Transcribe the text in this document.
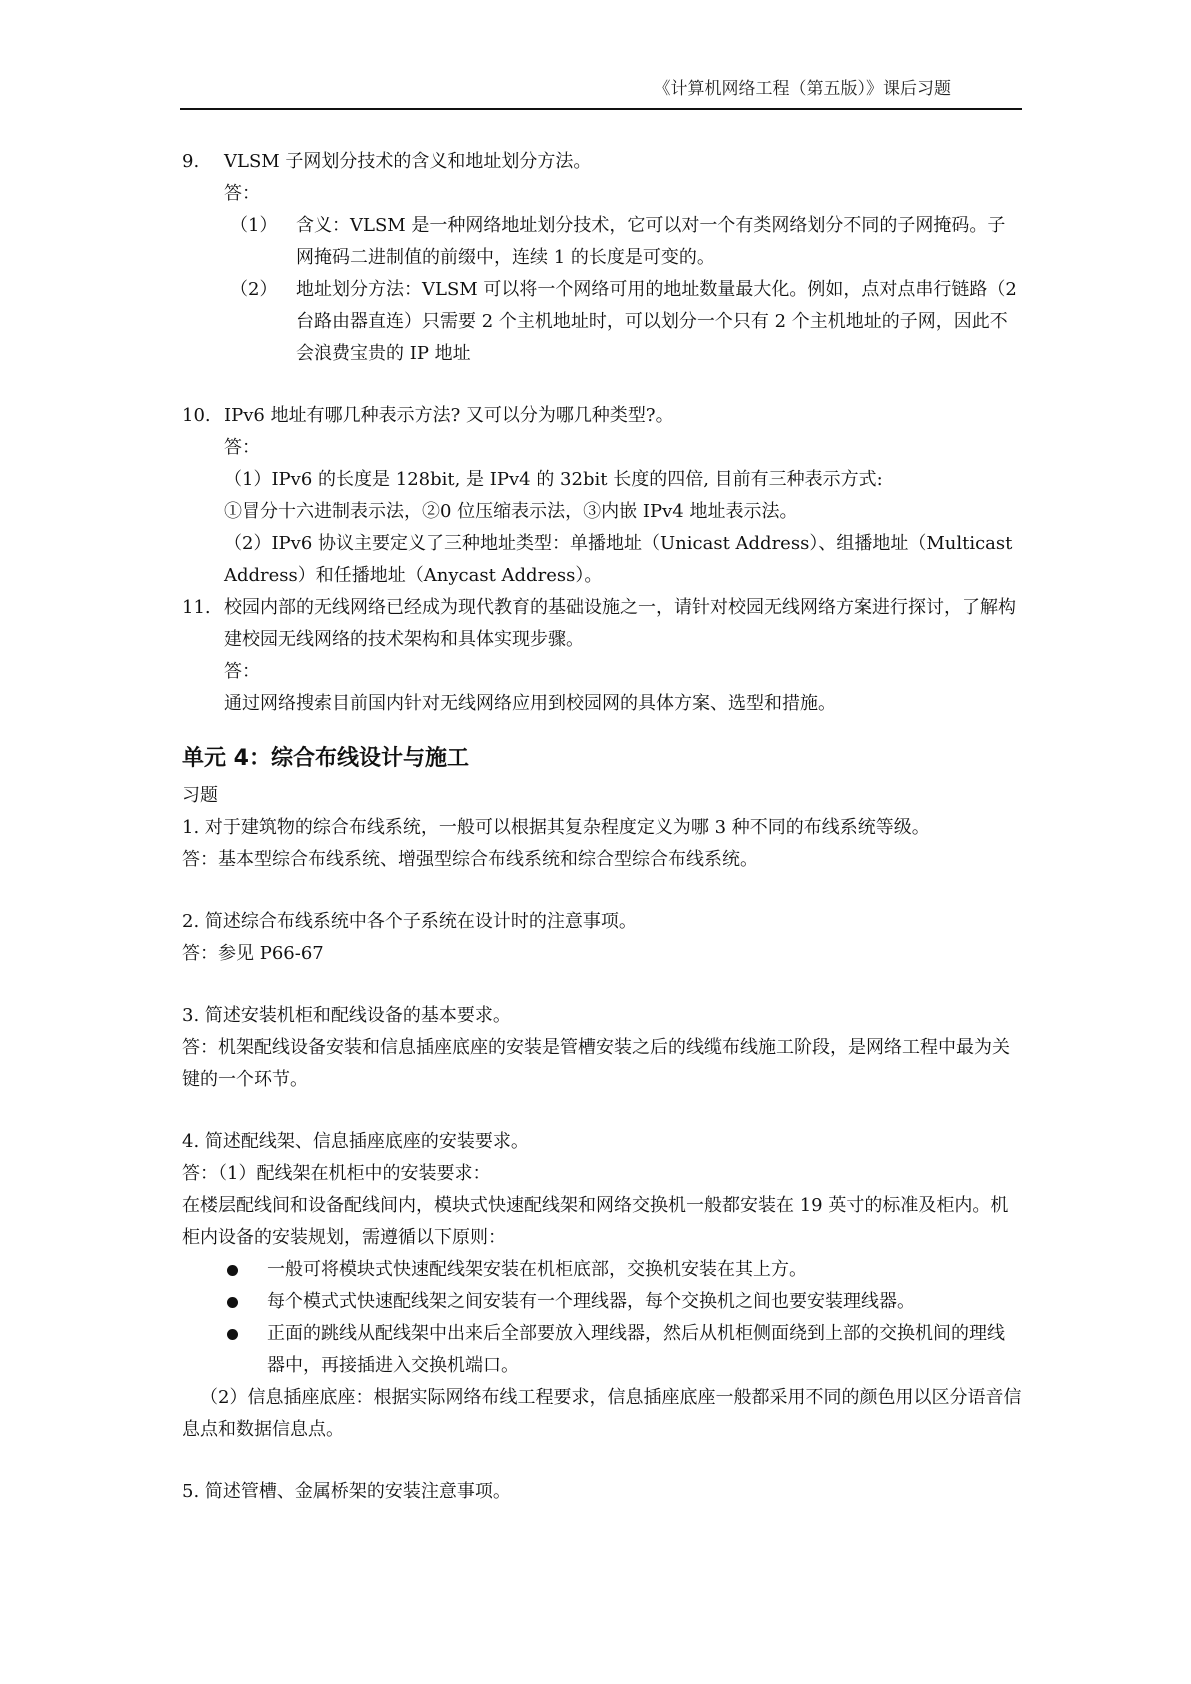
《计算机网络工程（第五版）》课后习题
9. VLSM 子网划分技术的含义和地址划分方法。
答：
（1） 含义：VLSM 是一种网络地址划分技术，它可以对一个有类网络划分不同的子网掩码。子网掩码二进制值的前缀中，连续 1 的长度是可变的。
（2） 地址划分方法：VLSM 可以将一个网络可用的地址数量最大化。例如，点对点串行链路（2 台路由器直连）只需要 2 个主机地址时，可以划分一个只有 2 个主机地址的子网，因此不会浪费宝贵的 IP 地址
10. IPv6 地址有哪几种表示方法? 又可以分为哪几种类型?。
答：
（1）IPv6 的长度是 128bit, 是 IPv4 的 32bit 长度的四倍, 目前有三种表示方式:
①冒分十六进制表示法，②0 位压缩表示法，③内嵌 IPv4 地址表示法。
（2）IPv6 协议主要定义了三种地址类型：单播地址（Unicast Address）、组播地址（Multicast Address）和任播地址（Anycast Address）。
11. 校园内部的无线网络已经成为现代教育的基础设施之一，请针对校园无线网络方案进行探讨，了解构建校园无线网络的技术架构和具体实现步骤。
答：
通过网络搜索目前国内针对无线网络应用到校园网的具体方案、选型和措施。
单元 4：综合布线设计与施工
习题
1. 对于建筑物的综合布线系统，一般可以根据其复杂程度定义为哪 3 种不同的布线系统等级。
答：基本型综合布线系统、增强型综合布线系统和综合型综合布线系统。
2. 简述综合布线系统中各个子系统在设计时的注意事项。
答：参见 P66-67
3. 简述安装机柜和配线设备的基本要求。
答：机架配线设备安装和信息插座底座的安装是管槽安装之后的线缆布线施工阶段，是网络工程中最为关键的一个环节。
4. 简述配线架、信息插座底座的安装要求。
答：（1）配线架在机柜中的安装要求：
在楼层配线间和设备配线间内，模块式快速配线架和网络交换机一般都安装在 19 英寸的标准及柜内。机柜内设备的安装规划，需遵循以下原则：
一般可将模块式快速配线架安装在机柜底部，交换机安装在其上方。
每个模式式快速配线架之间安装有一个理线器，每个交换机之间也要安装理线器。
正面的跳线从配线架中出来后全部要放入理线器，然后从机柜侧面绕到上部的交换机间的理线器中，再接插进入交换机端口。
（2）信息插座底座：根据实际网络布线工程要求，信息插座底座一般都采用不同的颜色用以区分语音信息点和数据信息点。
5. 简述管槽、金属桥架的安装注意事项。
